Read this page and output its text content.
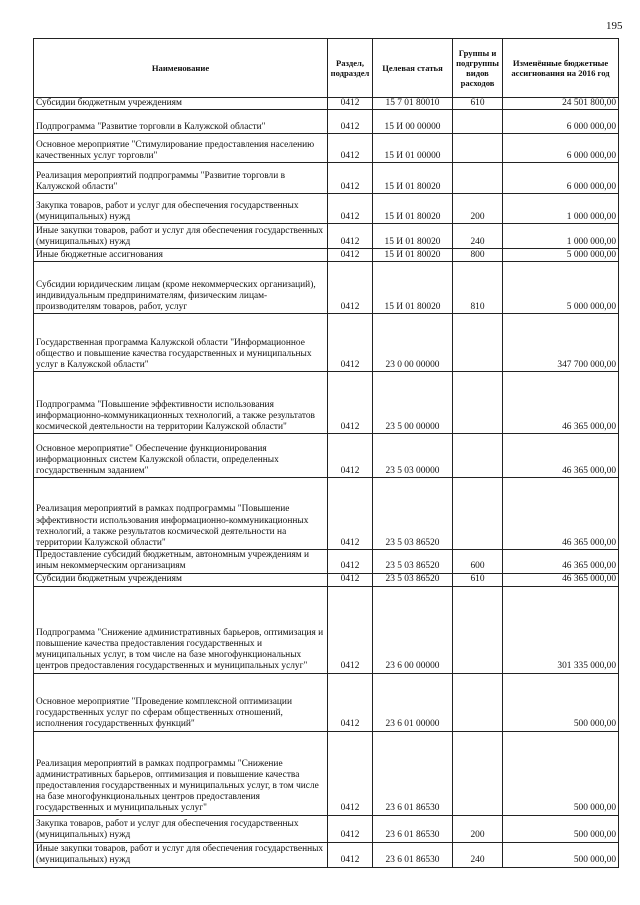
195
Наименование	Раздел, подраздел	Целевая статья	Группы и подгруппы видов расходов	Изменённые бюджетные ассигнования на 2016 год
Субсидии бюджетным учреждениям	0412	15 7 01 80010	610	24 501 800,00
Подпрограмма "Развитие торговли в Калужской области"	0412	15 И 00 00000		6 000 000,00
Основное мероприятие "Стимулирование предоставления населению качественных услуг торговли"	0412	15 И 01 00000		6 000 000,00
Реализация мероприятий подпрограммы "Развитие торговли в Калужской области"	0412	15 И 01 80020		6 000 000,00
Закупка товаров, работ и услуг для обеспечения государственных (муниципальных) нужд	0412	15 И 01 80020	200	1 000 000,00
Иные закупки товаров, работ и услуг для обеспечения государственных (муниципальных) нужд	0412	15 И 01 80020	240	1 000 000,00
Иные бюджетные ассигнования	0412	15 И 01 80020	800	5 000 000,00
Субсидии юридическим лицам (кроме некоммерческих организаций), индивидуальным предпринимателям, физическим лицам-производителям товаров, работ, услуг	0412	15 И 01 80020	810	5 000 000,00
Государственная программа Калужской области "Информационное общество и повышение качества государственных и муниципальных услуг в Калужской области"	0412	23 0 00 00000		347 700 000,00
Подпрограмма "Повышение эффективности использования информационно-коммуникационных технологий, а также результатов космической деятельности на территории Калужской области"	0412	23 5 00 00000		46 365 000,00
Основное мероприятие" Обеспечение функционирования информационных систем Калужской области, определенных государственным заданием"	0412	23 5 03 00000		46 365 000,00
Реализация мероприятий в рамках подпрограммы "Повышение эффективности использования информационно-коммуникационных технологий, а также результатов космической деятельности на территории Калужской области"	0412	23 5 03 86520		46 365 000,00
Предоставление субсидий бюджетным, автономным учреждениям и иным некоммерческим организациям	0412	23 5 03 86520	600	46 365 000,00
Субсидии бюджетным учреждениям	0412	23 5 03 86520	610	46 365 000,00
Подпрограмма "Снижение административных барьеров, оптимизация и повышение качества предоставления государственных и муниципальных услуг, в том числе на базе многофункциональных центров предоставления государственных и муниципальных услуг"	0412	23 6 00 00000		301 335 000,00
Основное мероприятие "Проведение комплексной оптимизации государственных услуг по сферам общественных отношений, исполнения государственных функций"	0412	23 6 01 00000		500 000,00
Реализация мероприятий в рамках подпрограммы "Снижение административных барьеров, оптимизация и повышение качества предоставления государственных и муниципальных услуг, в том числе на базе многофункциональных центров предоставления государственных и муниципальных услуг"	0412	23 6 01 86530		500 000,00
Закупка товаров, работ и услуг для обеспечения государственных (муниципальных) нужд	0412	23 6 01 86530	200	500 000,00
Иные закупки товаров, работ и услуг для обеспечения государственных (муниципальных) нужд	0412	23 6 01 86530	240	500 000,00
